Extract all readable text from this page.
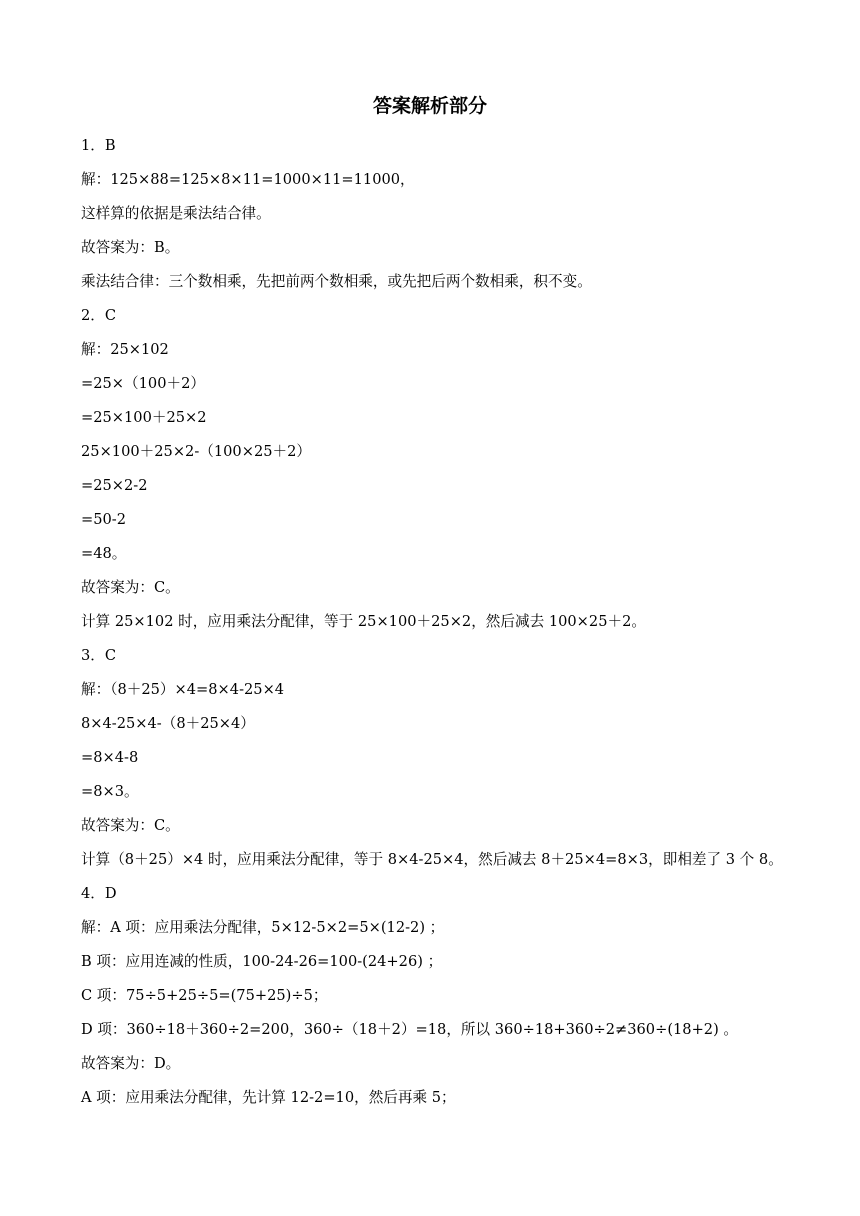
答案解析部分

1．B

解：125×88=125×8×11=1000×11=11000，

这样算的依据是乘法结合律。

故答案为：B。

乘法结合律：三个数相乘，先把前两个数相乘，或先把后两个数相乘，积不变。

2．C

解：25×102

=25×（100＋2）

=25×100＋25×2

25×100＋25×2-（100×25＋2）

=25×2-2

=50-2

=48。

故答案为：C。

计算 25×102 时，应用乘法分配律，等于 25×100＋25×2，然后减去 100×25＋2。

3．C

解：（8＋25）×4=8×4-25×4

8×4-25×4-（8＋25×4）

=8×4-8

=8×3。

故答案为：C。

计算（8＋25）×4 时，应用乘法分配律，等于 8×4-25×4，然后减去 8＋25×4=8×3，即相差了 3 个 8。

4．D

解：A 项：应用乘法分配律，5×12-5×2=5×(12-2) ；

B 项：应用连减的性质，100-24-26=100-(24+26) ；

C 项：75÷5+25÷5=(75+25)÷5；

D 项：360÷18＋360÷2=200，360÷（18＋2）=18，所以 360÷18+360÷2≠360÷(18+2) 。

故答案为：D。

A 项：应用乘法分配律，先计算 12-2=10，然后再乘 5；
